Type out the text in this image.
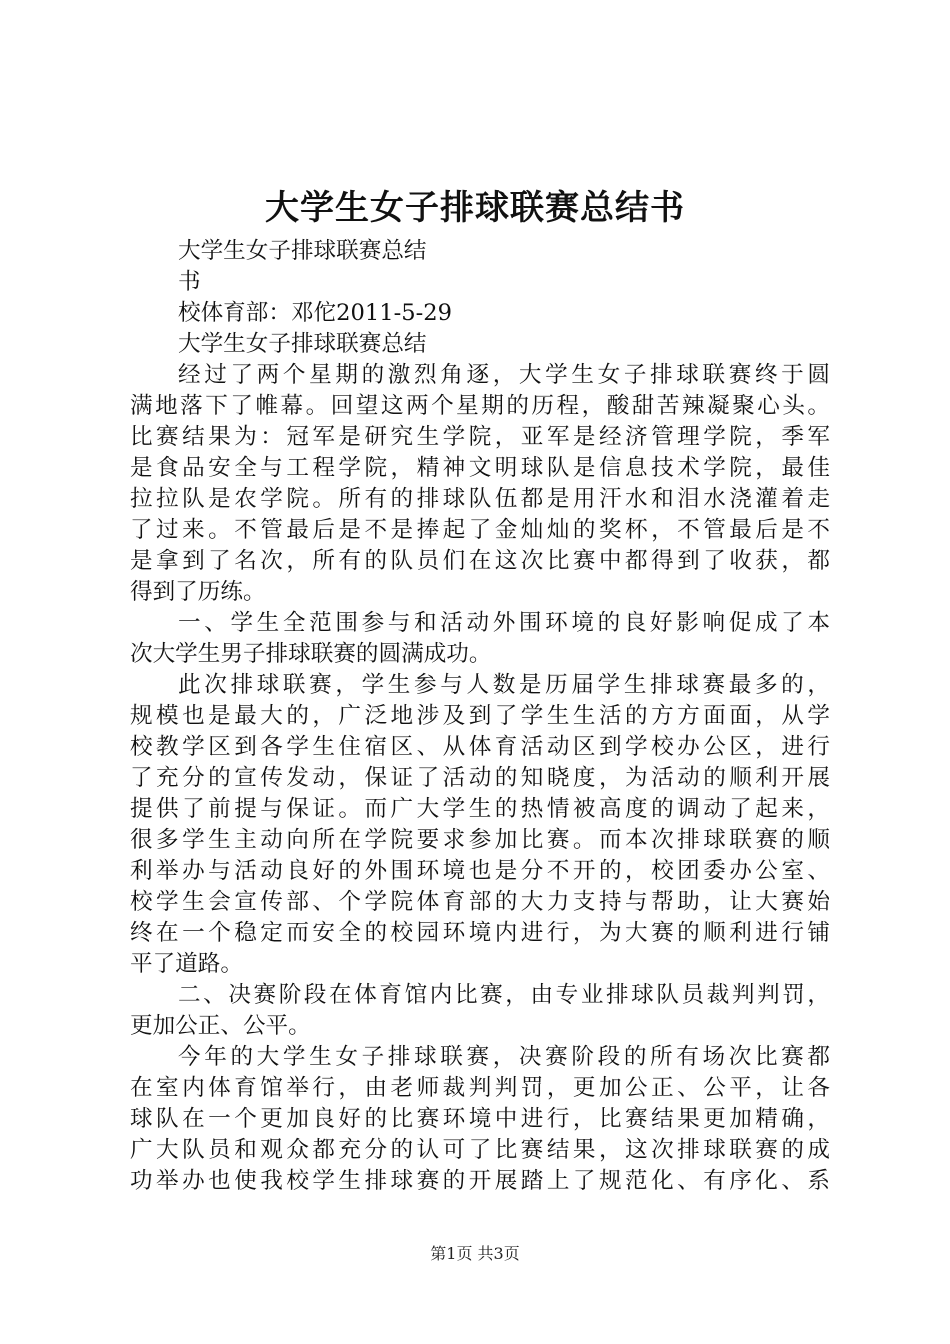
大学生女子排球联赛总结书
大学生女子排球联赛总结
书
校体育部：邓佗2011-5-29
大学生女子排球联赛总结
经过了两个星期的激烈角逐，大学生女子排球联赛终于圆
满地落下了帷幕。回望这两个星期的历程，酸甜苦辣凝聚心头。
比赛结果为：冠军是研究生学院，亚军是经济管理学院，季军
是食品安全与工程学院，精神文明球队是信息技术学院，最佳
拉拉队是农学院。所有的排球队伍都是用汗水和泪水浇灌着走
了过来。不管最后是不是捧起了金灿灿的奖杯，不管最后是不
是拿到了名次，所有的队员们在这次比赛中都得到了收获，都
得到了历练。
一、学生全范围参与和活动外围环境的良好影响促成了本
次大学生男子排球联赛的圆满成功。
此次排球联赛，学生参与人数是历届学生排球赛最多的，
规模也是最大的，广泛地涉及到了学生生活的方方面面，从学
校教学区到各学生住宿区、从体育活动区到学校办公区，进行
了充分的宣传发动，保证了活动的知晓度，为活动的顺利开展
提供了前提与保证。而广大学生的热情被高度的调动了起来，
很多学生主动向所在学院要求参加比赛。而本次排球联赛的顺
利举办与活动良好的外围环境也是分不开的，校团委办公室、
校学生会宣传部、个学院体育部的大力支持与帮助，让大赛始
终在一个稳定而安全的校园环境内进行，为大赛的顺利进行铺
平了道路。
二、决赛阶段在体育馆内比赛，由专业排球队员裁判判罚，
更加公正、公平。
今年的大学生女子排球联赛，决赛阶段的所有场次比赛都
在室内体育馆举行，由老师裁判判罚，更加公正、公平，让各
球队在一个更加良好的比赛环境中进行，比赛结果更加精确，
广大队员和观众都充分的认可了比赛结果，这次排球联赛的成
功举办也使我校学生排球赛的开展踏上了规范化、有序化、系
第1页 共3页
